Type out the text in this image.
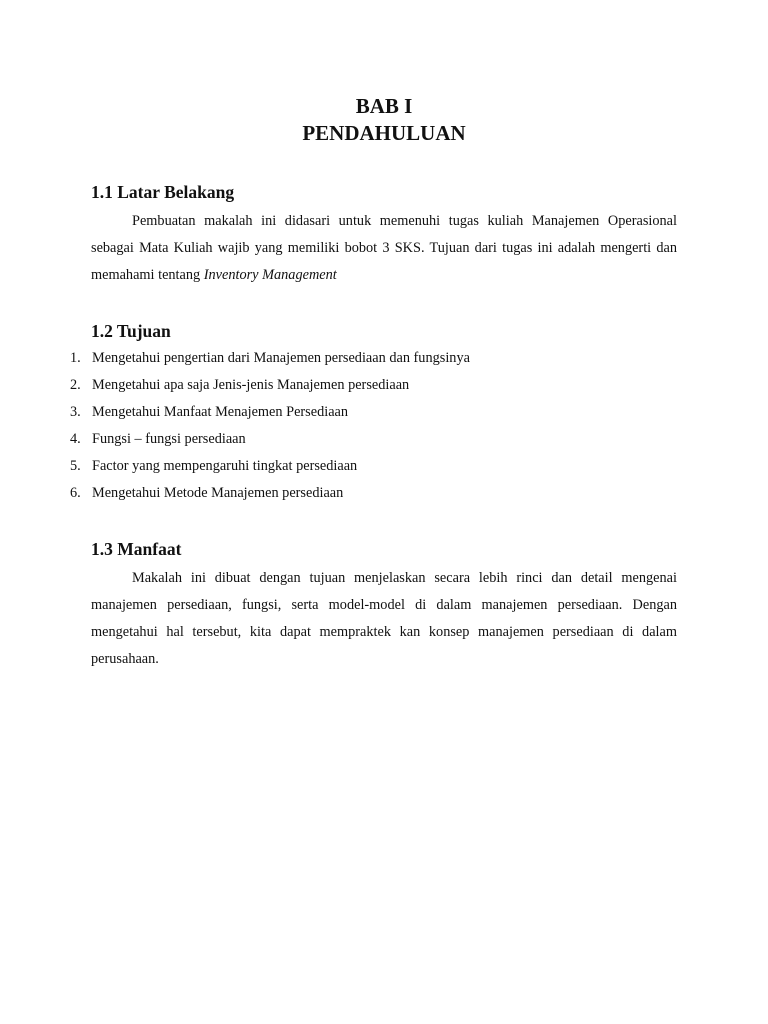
BAB I
PENDAHULUAN
1.1 Latar Belakang

Pembuatan makalah ini didasari untuk memenuhi tugas kuliah Manajemen Operasional sebagai Mata Kuliah wajib yang memiliki bobot 3 SKS. Tujuan dari tugas ini adalah mengerti dan memahami tentang Inventory Management

1.2 Tujuan
1. Mengetahui pengertian dari Manajemen persediaan dan fungsinya
2. Mengetahui apa saja Jenis-jenis Manajemen persediaan
3. Mengetahui Manfaat Menajemen Persediaan
4. Fungsi – fungsi persediaan
5. Factor yang mempengaruhi tingkat persediaan
6. Mengetahui Metode Manajemen persediaan
1.3 Manfaat

Makalah ini dibuat dengan tujuan menjelaskan secara lebih rinci dan detail mengenai manajemen persediaan, fungsi, serta model-model di dalam manajemen persediaan. Dengan mengetahui hal tersebut, kita dapat mempraktek kan konsep manajemen persediaan di dalam perusahaan.
